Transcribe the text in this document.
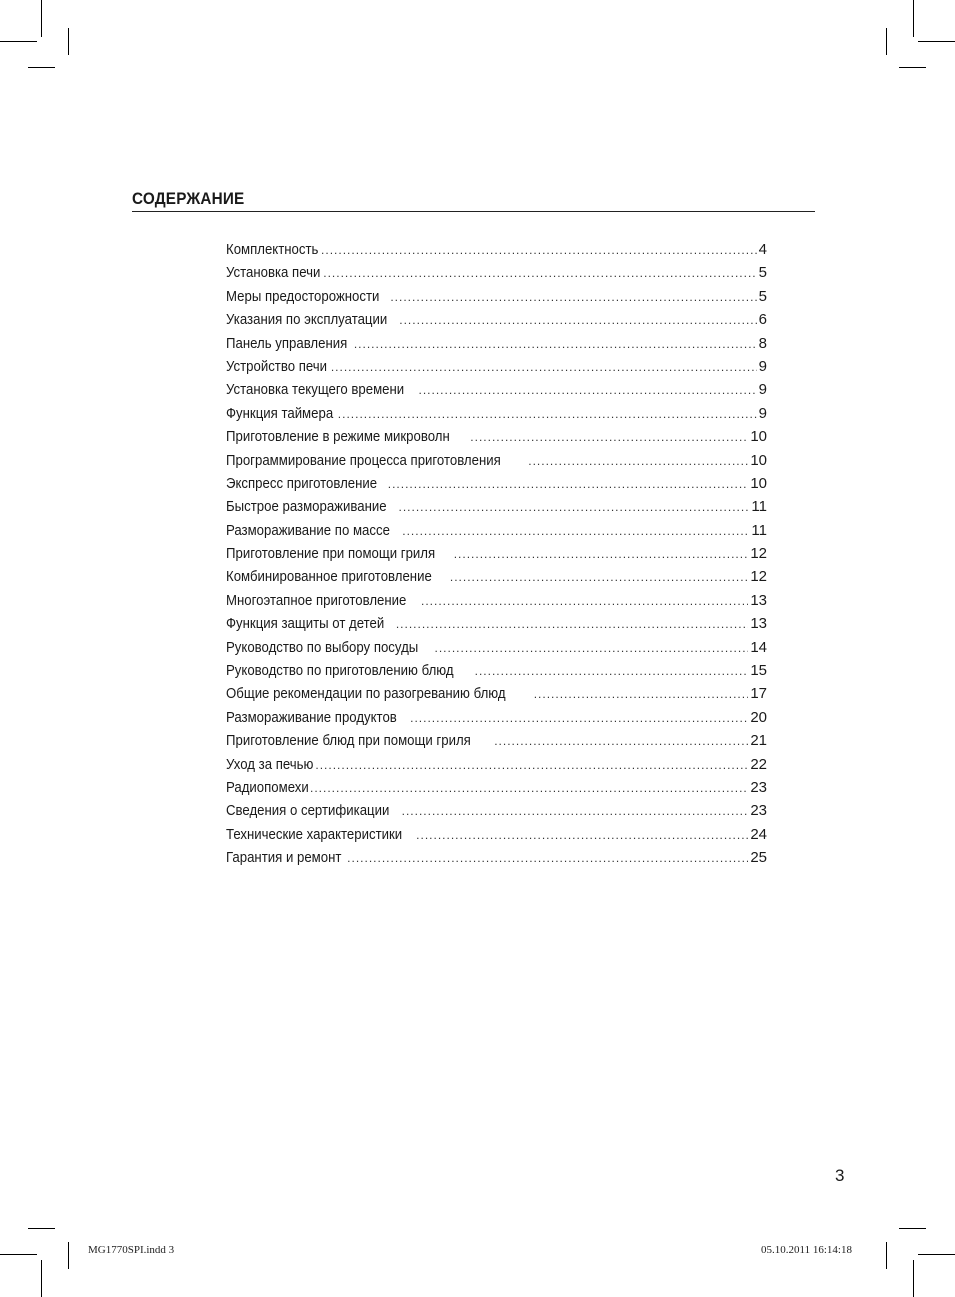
СОДЕРЖАНИЕ
Комплектность .....	4
Установка печи .....	5
Меры предосторожности .....	5
Указания по эксплуатации .....	6
Панель управления .....	8
Устройство печи .....	9
Установка текущего времени .....	9
Функция таймера .....	9
Приготовление в режиме микроволн .....	10
Программирование процесса приготовления .....	10
Экспресс приготовление .....	10
Быстрое размораживание .....	11
Размораживание по массе .....	11
Приготовление при помощи гриля .....	12
Комбинированное приготовление .....	12
Многоэтапное приготовление .....	13
Функция защиты от детей .....	13
Руководство по выбору посуды .....	14
Руководство по приготовлению блюд .....	15
Общие рекомендации по разогреванию блюд .....	17
Размораживание продуктов .....	20
Приготовление блюд при помощи гриля .....	21
Уход за печью .....	22
Радиопомехи .....	23
Сведения о сертификации .....	23
Технические характеристики .....	24
Гарантия и ремонт .....	25
3
MG1770SPI.indd 3	05.10.2011 16:14:18
